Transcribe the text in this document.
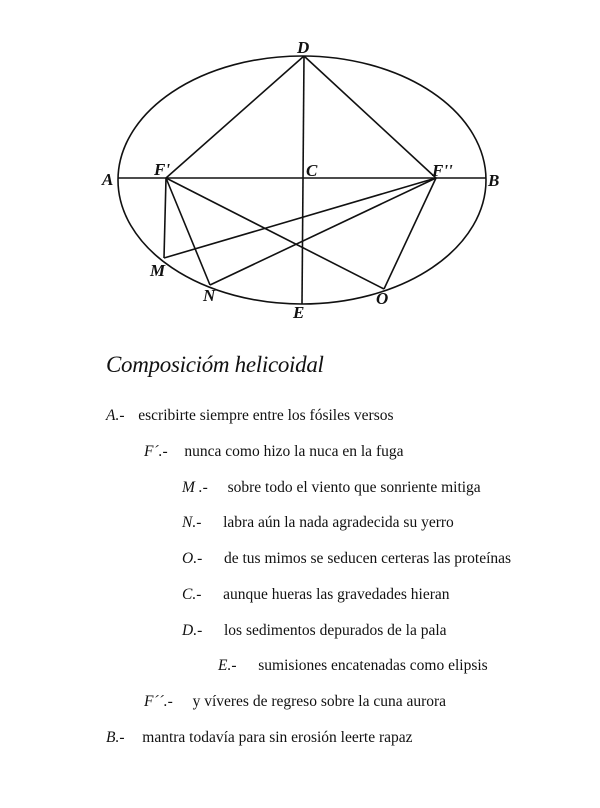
A	B
C
D
E
F'	F''
M
N	O
Composicióm helicoidal
A.- escribirte siempre entre los fósiles versos
F´.- nunca como hizo la nuca en la fuga
M .- sobre todo el viento que sonriente mitiga
N.- labra aún la nada agradecida su yerro
O.- de tus mimos se seducen certeras las proteínas
C.- aunque hueras las gravedades hieran
D.- los sedimentos depurados de la pala
E.- sumisiones encatenadas como elipsis
F´´.- y víveres de regreso sobre la cuna aurora
B.- mantra todavía para sin erosión leerte rapaz
